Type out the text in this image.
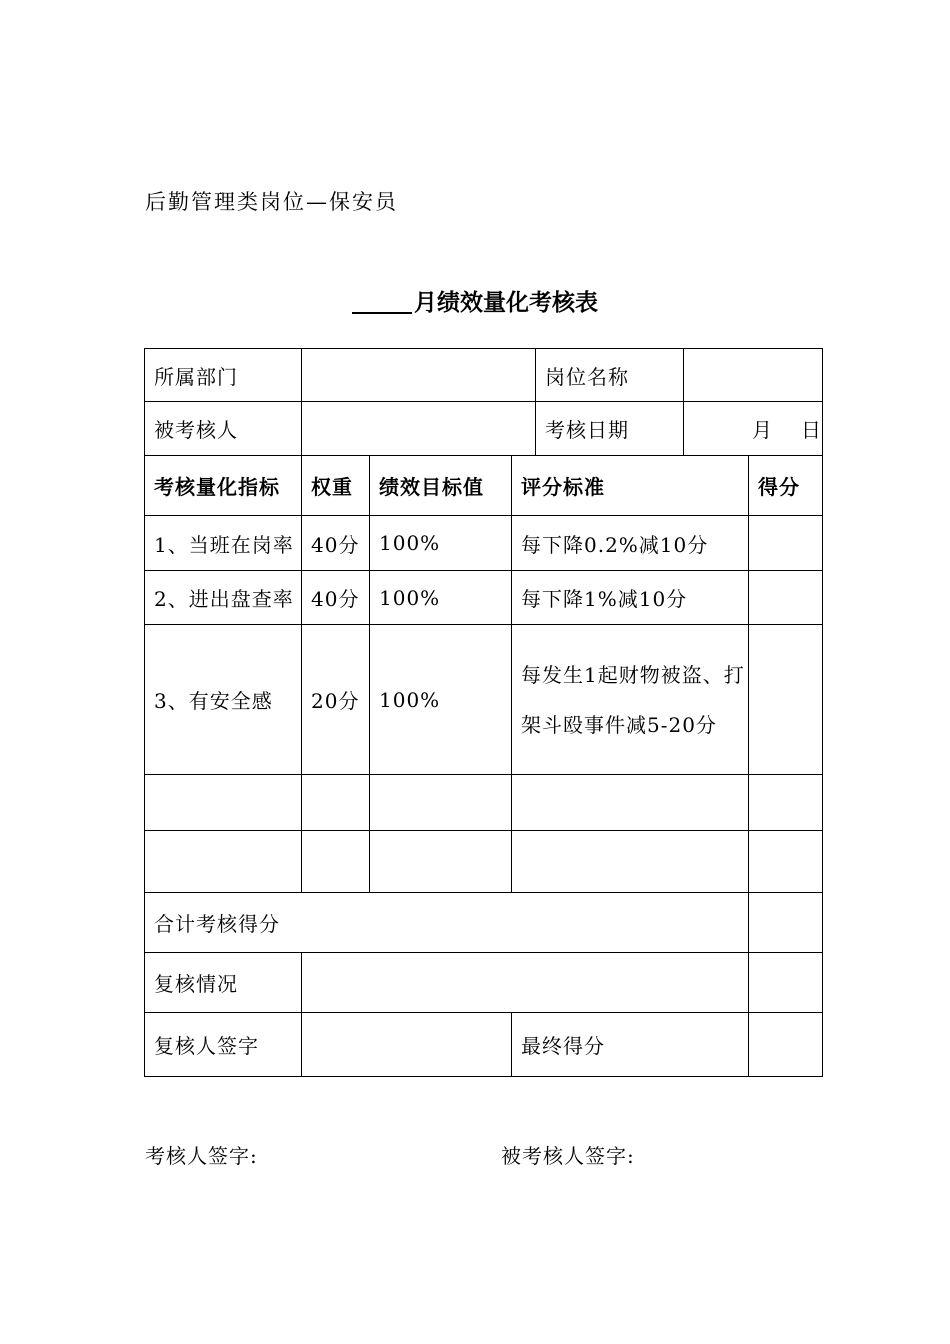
后勤管理类岗位—保安员
月绩效量化考核表
所属部门				岗位名称		
被考核人				考核日期	月 日	
考核量化指标	权重	绩效目标值	评分标准			得分
1、当班在岗率	40分	100%	每下降0.2%减10分			
2、进出盘查率	40分	100%	每下降1%减10分			
3、有安全感	20分	100%	每发生1起财物被盗、打架斗殴事件减5-20分			

合计考核得分						
复核情况						
复核人签字			最终得分			
考核人签字:	被考核人签字:
